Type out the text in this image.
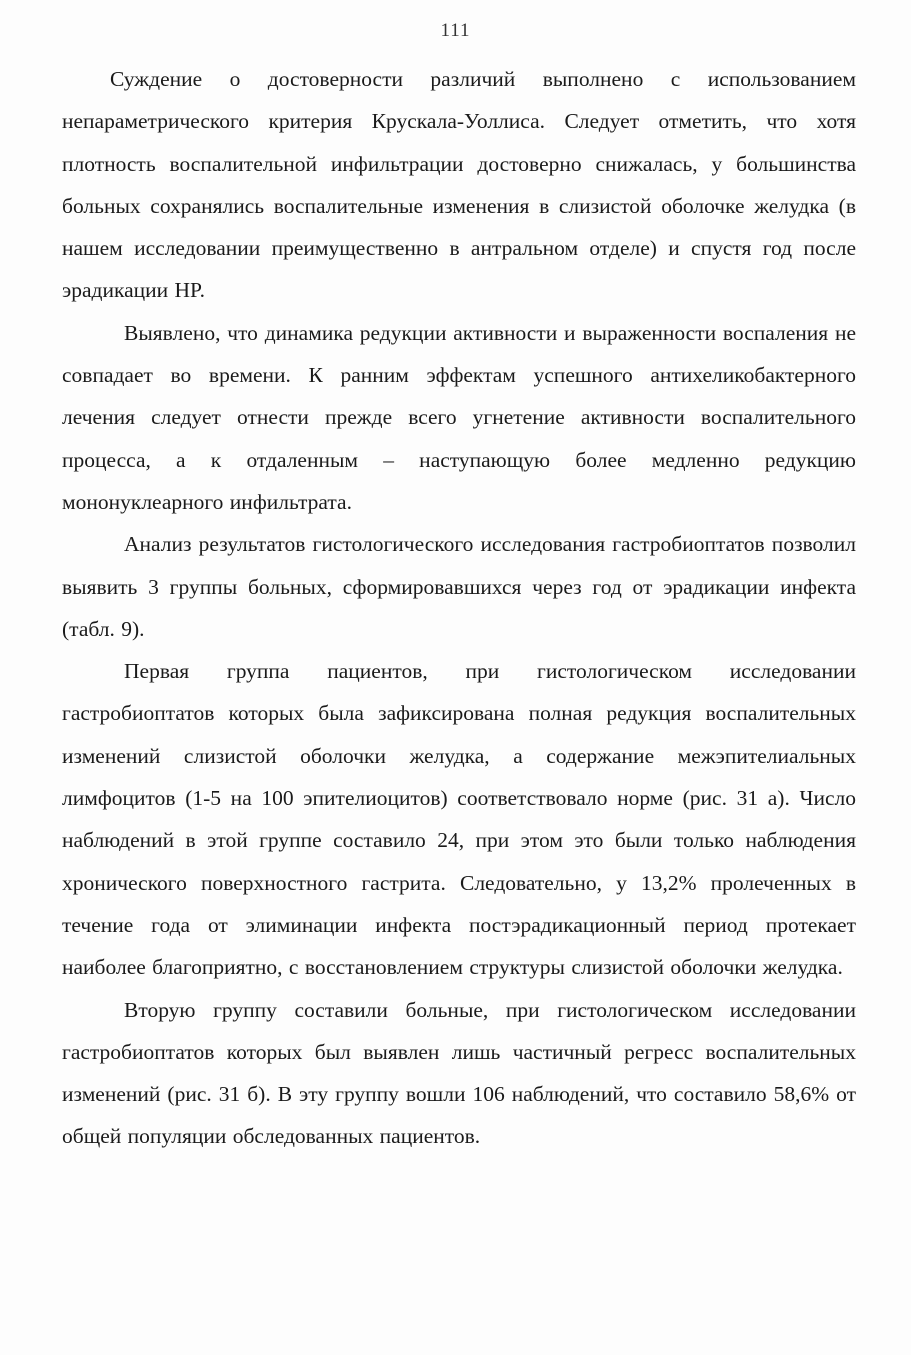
111

Суждение о достоверности различий выполнено с использованием непараметрического критерия Крускала-Уоллиса. Следует отметить, что хотя плотность воспалительной инфильтрации достоверно снижалась, у большинства больных сохранялись воспалительные изменения в слизистой оболочке желудка (в нашем исследовании преимущественно в антральном отделе) и спустя год после эрадикации HP.

Выявлено, что динамика редукции активности и выраженности воспаления не совпадает во времени. К ранним эффектам успешного антихеликобактерного лечения следует отнести прежде всего угнетение активности воспалительного процесса, а к отдаленным – наступающую более медленно редукцию мононуклеарного инфильтрата.

Анализ результатов гистологического исследования гастробиоптатов позволил выявить 3 группы больных, сформировавшихся через год от эрадикации инфекта (табл. 9).

Первая группа пациентов, при гистологическом исследовании гастробиоптатов которых была зафиксирована полная редукция воспалительных изменений слизистой оболочки желудка, а содержание межэпителиальных лимфоцитов (1-5 на 100 эпителиоцитов) соответствовало норме (рис. 31 а). Число наблюдений в этой группе составило 24, при этом это были только наблюдения хронического поверхностного гастрита. Следовательно, у 13,2% пролеченных в течение года от элиминации инфекта постэрадикационный период протекает наиболее благоприятно, с восстановлением структуры слизистой оболочки желудка.

Вторую группу составили больные, при гистологическом исследовании гастробиоптатов которых был выявлен лишь частичный регресс воспалительных изменений (рис. 31 б). В эту группу вошли 106 наблюдений, что составило 58,6% от общей популяции обследованных пациентов.
